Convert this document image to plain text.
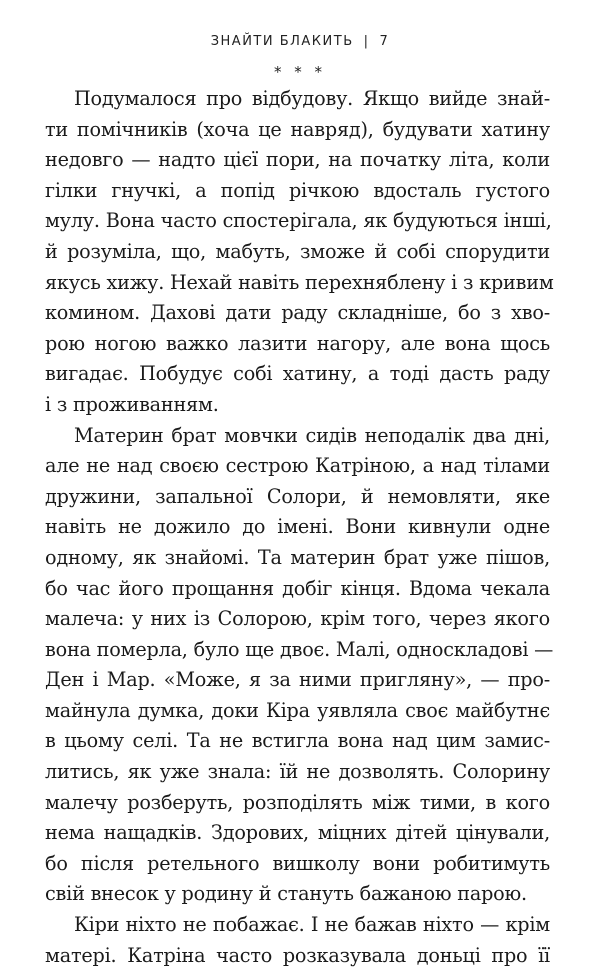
ЗНАЙТИ БЛАКИТЬ | 7
* * *
Подумалося про відбудову. Якщо вийде знай-
ти помічників (хоча це навряд), будувати хатину
недовго — надто цієї пори, на початку літа, коли
гілки гнучкі, а попід річкою вдосталь густого
мулу. Вона часто спостерігала, як будуються інші,
й розуміла, що, мабуть, зможе й собі спорудити
якусь хижу. Нехай навіть перехняблену і з кривим
комином. Дахові дати раду складніше, бо з хво-
рою ногою важко лазити нагору, але вона щось
вигадає. Побудує собі хатину, а тоді дасть раду
і з проживанням.
Материн брат мовчки сидів неподалік два дні,
але не над своєю сестрою Катріною, а над тілами
дружини, запальної Солори, й немовляти, яке
навіть не дожило до імені. Вони кивнули одне
одному, як знайомі. Та материн брат уже пішов,
бо час його прощання добіг кінця. Вдома чекала
малеча: у них із Солорою, крім того, через якого
вона померла, було ще двоє. Малі, односкладові —
Ден і Мар. «Може, я за ними пригляну», — про-
майнула думка, доки Кіра уявляла своє майбутнє
в цьому селі. Та не встигла вона над цим замис-
литись, як уже знала: їй не дозволять. Солорину
малечу розберуть, розподілять між тими, в кого
нема нащадків. Здорових, міцних дітей цінували,
бо після ретельного вишколу вони робитимуть
свій внесок у родину й стануть бажаною парою.
Кіри ніхто не побажає. І не бажав ніхто — крім
матері. Катріна часто розказувала доньці про її
